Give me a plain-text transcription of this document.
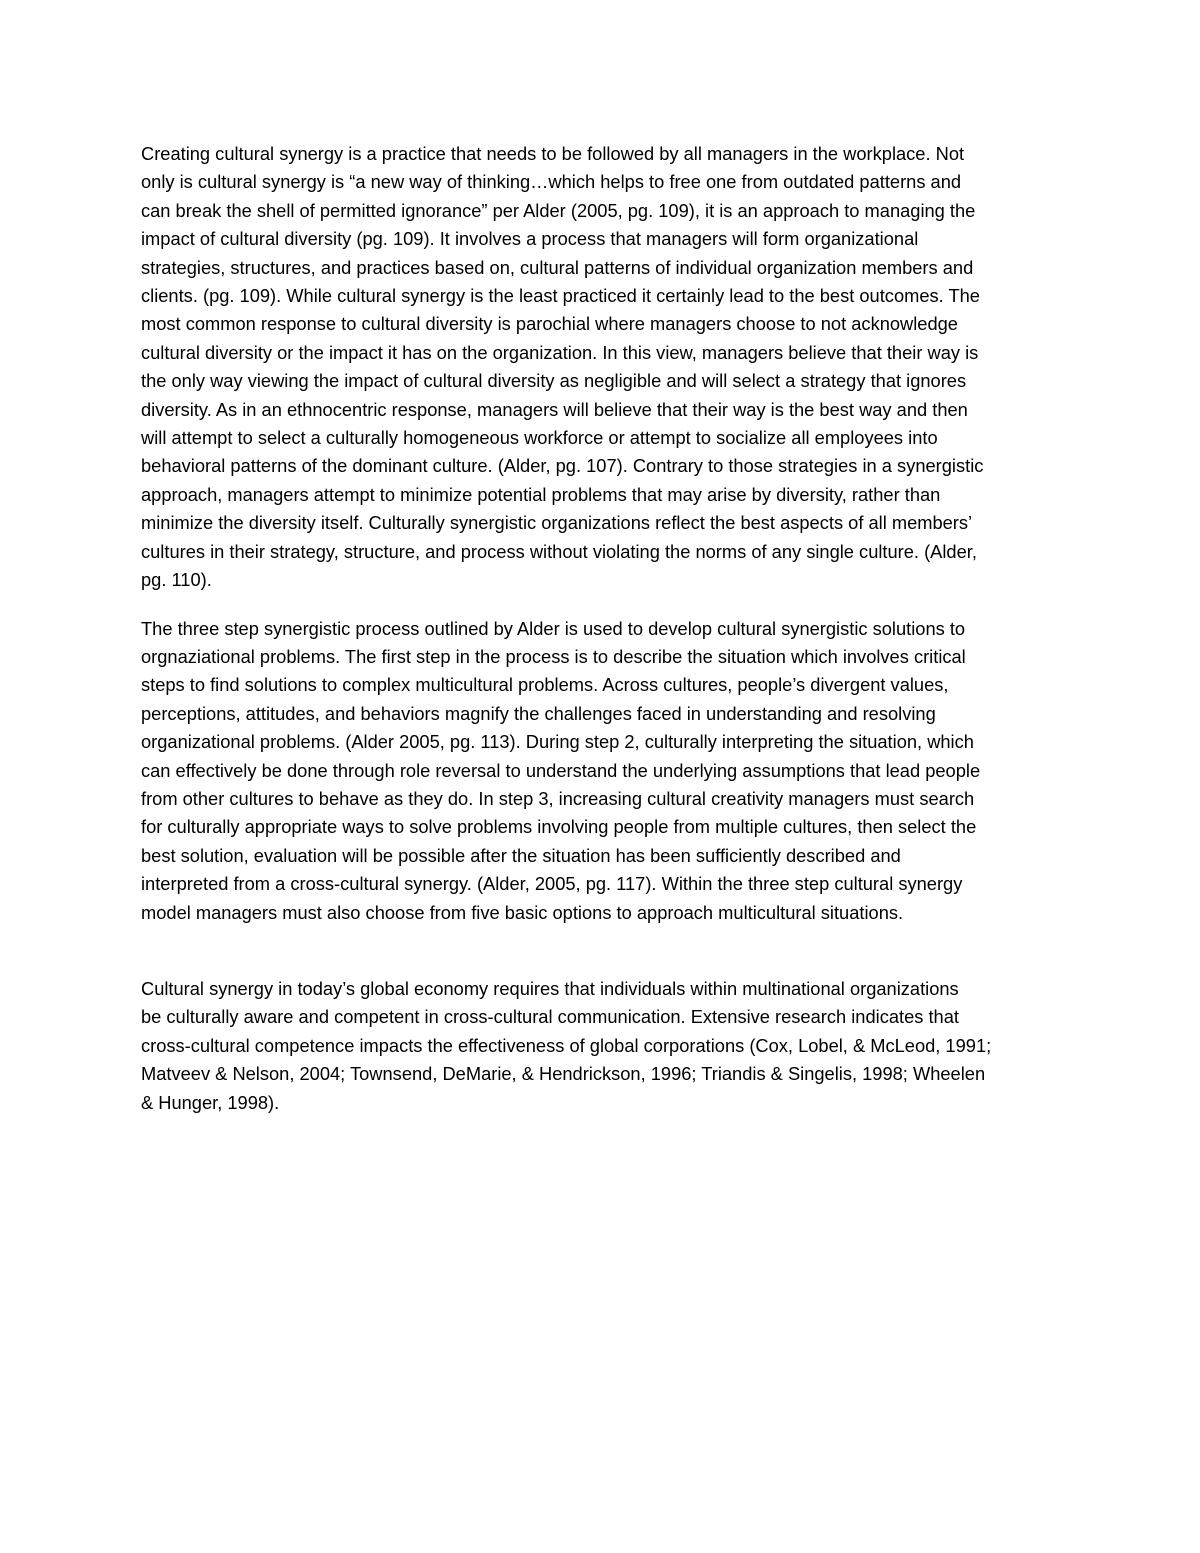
Creating cultural synergy is a practice that needs to be followed by all managers in the workplace. Not
only is cultural synergy is “a new way of thinking…which helps to free one from outdated patterns and
can break the shell of permitted ignorance” per Alder (2005, pg. 109), it is an approach to managing the
impact of cultural diversity (pg. 109). It involves a process that managers will form organizational
strategies, structures, and practices based on, cultural patterns of individual organization members and
clients. (pg. 109). While cultural synergy is the least practiced it certainly lead to the best outcomes. The
most common response to cultural diversity is parochial where managers choose to not acknowledge
cultural diversity or the impact it has on the organization. In this view, managers believe that their way is
the only way viewing the impact of cultural diversity as negligible and will select a strategy that ignores
diversity. As in an ethnocentric response, managers will believe that their way is the best way and then
will attempt to select a culturally homogeneous workforce or attempt to socialize all employees into
behavioral patterns of the dominant culture. (Alder, pg. 107). Contrary to those strategies in a synergistic
approach, managers attempt to minimize potential problems that may arise by diversity, rather than
minimize the diversity itself. Culturally synergistic organizations reflect the best aspects of all members’
cultures in their strategy, structure, and process without violating the norms of any single culture. (Alder,
pg. 110).

The three step synergistic process outlined by Alder is used to develop cultural synergistic solutions to
orgnaziational problems. The first step in the process is to describe the situation which involves critical
steps to find solutions to complex multicultural problems. Across cultures, people’s divergent values,
perceptions, attitudes, and behaviors magnify the challenges faced in understanding and resolving
organizational problems. (Alder 2005, pg. 113). During step 2, culturally interpreting the situation, which
can effectively be done through role reversal to understand the underlying assumptions that lead people
from other cultures to behave as they do. In step 3, increasing cultural creativity managers must search
for culturally appropriate ways to solve problems involving people from multiple cultures, then select the
best solution, evaluation will be possible after the situation has been sufficiently described and
interpreted from a cross-cultural synergy. (Alder, 2005, pg. 117). Within the three step cultural synergy
model managers must also choose from five basic options to approach multicultural situations.

Cultural synergy in today’s global economy requires that individuals within multinational organizations
be culturally aware and competent in cross-cultural communication. Extensive research indicates that
cross-cultural competence impacts the effectiveness of global corporations (Cox, Lobel, & McLeod, 1991;
Matveev & Nelson, 2004; Townsend, DeMarie, & Hendrickson, 1996; Triandis & Singelis, 1998; Wheelen
& Hunger, 1998).
